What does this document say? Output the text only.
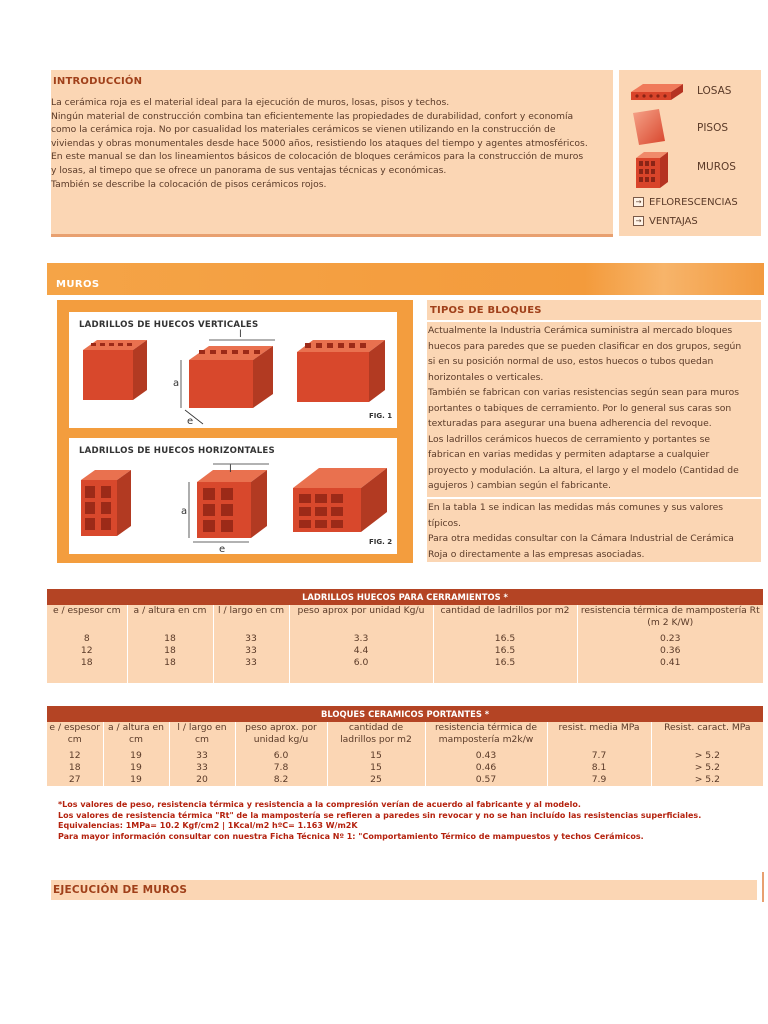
INTRODUCCIÓN
La cerámica roja es el material ideal para la ejecución de muros, losas, pisos y techos.
Ningún material de construcción combina tan eficientemente las propiedades de durabilidad, confort y economía
como la cerámica roja. No por casualidad los materiales cerámicos se vienen utilizando en la construcción de
viviendas y obras monumentales desde hace 5000 años, resistiendo los ataques del tiempo y agentes atmosféricos.
En este manual se dan los lineamientos básicos de colocación de bloques cerámicos para la construcción de muros
y losas, al timepo que se ofrece un panorama de sus ventajas técnicas y económicas.
También se describe la colocación de pisos cerámicos rojos.
LOSAS
PISOS
MUROS
→ EFLORESCENCIAS
→ VENTAJAS
MUROS
LADRILLOS DE HUECOS VERTICALES
l
a
e	FIG. 1
LADRILLOS DE HUECOS HORIZONTALES
l
a
e
FIG. 2
TIPOS DE BLOQUES
Actualmente la Industria Cerámica suministra al mercado bloques
huecos para paredes que se pueden clasificar en dos grupos, según
si en su posición normal de uso, estos huecos o tubos quedan
horizontales o verticales.
También se fabrican con varias resistencias según sean para muros
portantes o tabiques de cerramiento. Por lo general sus caras son
texturadas para asegurar una buena adherencia del revoque.
Los ladrillos cerámicos huecos de cerramiento y portantes se
fabrican en varias medidas y permiten adaptarse a cualquier
proyecto y modulación. La altura, el largo y el modelo (Cantidad de
agujeros ) cambian según el fabricante.
En la tabla 1 se indican las medidas más comunes y sus valores
típicos.
Para otra medidas consultar con la Cámara Industrial de Cerámica
Roja o directamente a las empresas asociadas.
LADRILLOS HUECOS PARA CERRAMIENTOS *					
e / espesor cm	a / altura en cm	l / largo en cm	peso aprox por unidad Kg/u	cantidad de ladrillos por m2	resistencia térmica de mampostería Rt (m 2 K/W)
8	18	33	3.3	16.5	0.23
12	18	33	4.4	16.5	0.36
18	18	33	6.0	16.5	0.41

BLOQUES CERAMICOS PORTANTES *							
e / espesor cm	a / altura en cm	l / largo en cm	peso aprox. por unidad kg/u	cantidad de ladrillos por m2	resistencia térmica de mampostería m2k/w	resist. media MPa	Resist. caract. MPa
12	19	33	6.0	15	0.43	7.7	> 5.2
18	19	33	7.8	15	0.46	8.1	> 5.2
27	19	20	8.2	25	0.57	7.9	> 5.2
*Los valores de peso, resistencia térmica y resistencia a la compresión verían de acuerdo al fabricante y al modelo.
Los valores de resistencia térmica "Rt" de la mampostería se refieren a paredes sin revocar y no se han incluído las resistencias superficiales.
Equivalencias: 1MPa= 10.2 Kgf/cm2 | 1Kcal/m2 hºC= 1.163 W/m2K
Para mayor información consultar con nuestra Ficha Técnica Nº 1: "Comportamiento Térmico de mampuestos y techos Cerámicos.
EJECUCIÓN DE MUROS
